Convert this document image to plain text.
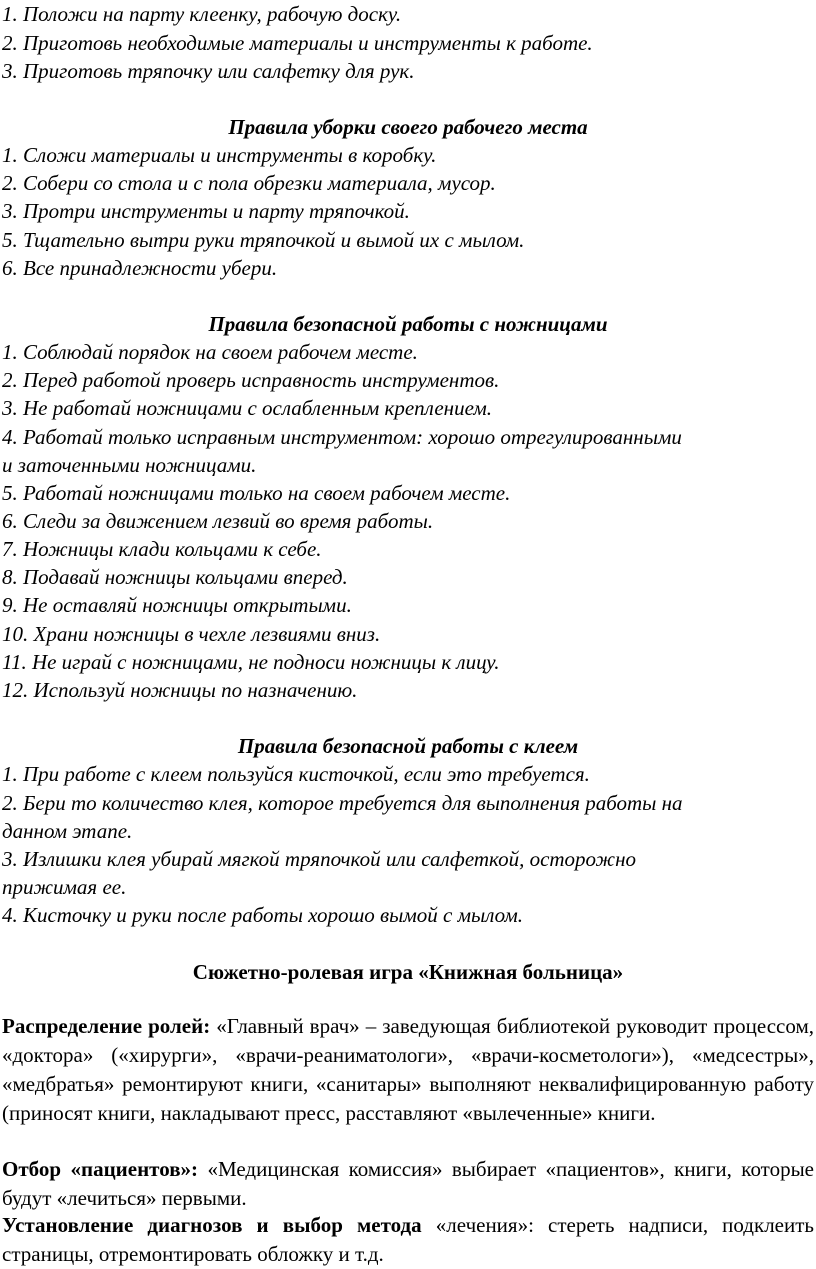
1. Положи на парту клеенку, рабочую доску.
2. Приготовь необходимые материалы и инструменты к работе.
3. Приготовь тряпочку или салфетку для рук.
Правила уборки своего рабочего места
1. Сложи материалы и инструменты в коробку.
2. Собери со стола и с пола обрезки материала, мусор.
3. Протри инструменты и парту тряпочкой.
5. Тщательно вытри руки тряпочкой и вымой их с мылом.
6. Все принадлежности убери.
Правила безопасной работы с ножницами
1. Соблюдай порядок на своем рабочем месте.
2. Перед работой проверь исправность инструментов.
3. Не работай ножницами с ослабленным креплением.
4. Работай только исправным инструментом: хорошо отрегулированными
и заточенными ножницами.
5. Работай ножницами только на своем рабочем месте.
6. Следи за движением лезвий во время работы.
7. Ножницы клади кольцами к себе.
8. Подавай ножницы кольцами вперед.
9. Не оставляй ножницы открытыми.
10. Храни ножницы в чехле лезвиями вниз.
11. Не играй с ножницами, не подноси ножницы к лицу.
12. Используй ножницы по назначению.
Правила безопасной работы с клеем
1. При работе с клеем пользуйся кисточкой, если это требуется.
2. Бери то количество клея, которое требуется для выполнения работы на
данном этапе.
3. Излишки клея убирай мягкой тряпочкой или салфеткой, осторожно
прижимая ее.
4. Кисточку и руки после работы хорошо вымой с мылом.
Сюжетно-ролевая игра «Книжная больница»
Распределение ролей: «Главный врач» – заведующая библиотекой руководит процессом, «доктора» («хирурги», «врачи-реаниматологи», «врачи-косметологи»), «медсестры», «медбратья» ремонтируют книги, «санитары» выполняют неквалифицированную работу (приносят книги, накладывают пресс, расставляют «вылеченные» книги.
Отбор «пациентов»: «Медицинская комиссия» выбирает «пациентов», книги, которые будут «лечиться» первыми.
Установление диагнозов и выбор метода «лечения»: стереть надписи, подклеить страницы, отремонтировать обложку и т.д.
